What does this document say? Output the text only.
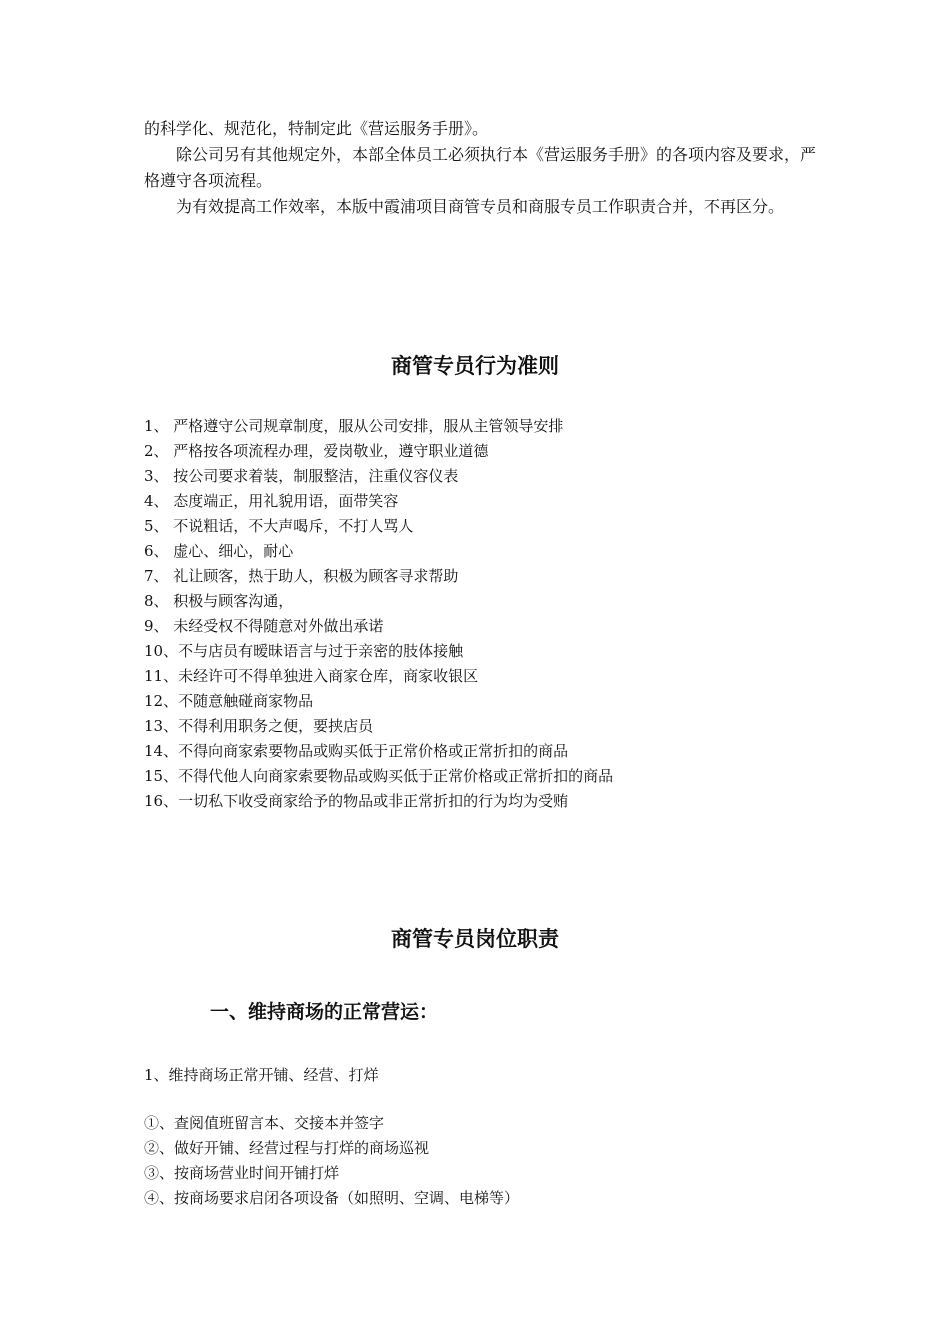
的科学化、规范化，特制定此《营运服务手册》。

除公司另有其他规定外，本部全体员工必须执行本《营运服务手册》的各项内容及要求，严格遵守各项流程。

为有效提高工作效率，本版中霞浦项目商管专员和商服专员工作职责合并，不再区分。

商管专员行为准则
1、 严格遵守公司规章制度，服从公司安排，服从主管领导安排
2、 严格按各项流程办理，爱岗敬业，遵守职业道德
3、 按公司要求着装，制服整洁，注重仪容仪表
4、 态度端正，用礼貌用语，面带笑容
5、 不说粗话，不大声喝斥，不打人骂人
6、 虚心、细心，耐心
7、 礼让顾客，热于助人，积极为顾客寻求帮助
8、 积极与顾客沟通，
9、 未经受权不得随意对外做出承诺
10、不与店员有暧昧语言与过于亲密的肢体接触
11、未经许可不得单独进入商家仓库，商家收银区
12、不随意触碰商家物品
13、不得利用职务之便，要挟店员
14、不得向商家索要物品或购买低于正常价格或正常折扣的商品
15、不得代他人向商家索要物品或购买低于正常价格或正常折扣的商品
16、一切私下收受商家给予的物品或非正常折扣的行为均为受贿
商管专员岗位职责
一、维持商场的正常营运：

1、维持商场正常开铺、经营、打烊

①、查阅值班留言本、交接本并签字
②、做好开铺、经营过程与打烊的商场巡视
③、按商场营业时间开铺打烊
④、按商场要求启闭各项设备（如照明、空调、电梯等）
